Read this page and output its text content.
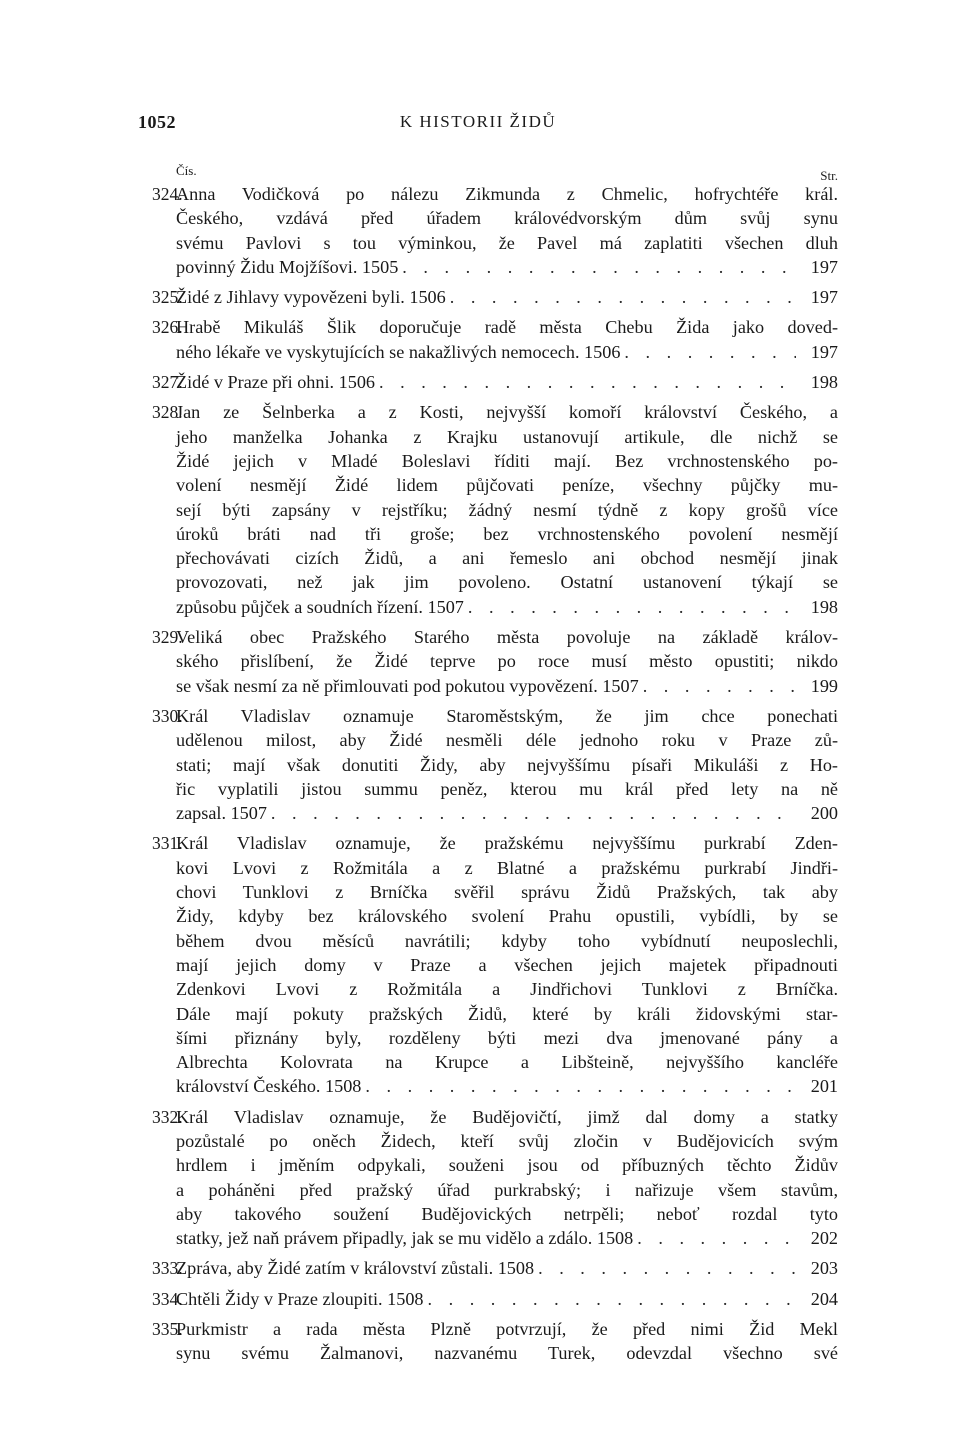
1052	K HISTORII ŽIDŮ
Čís.	Str.
324.
Anna Vodičková po nálezu Zikmunda z Chmelic, hofrychtéře král.
Českého, vzdává před úřadem královédvorským dům svůj synu
svému Pavlovi s tou výminkou, že Pavel má zaplatiti všechen dluh
povinný Židu Mojžíšovi. 1505 . . .	197
325.
Židé z Jihlavy vypovězeni byli. 1506 . . .	197
326.
Hrabě Mikuláš Šlik doporučuje radě města Chebu Žida jako doved-
ného lékaře ve vyskytujících se nakažlivých nemocech. 1506 . . .	197
327.
Židé v Praze při ohni. 1506 . . .	198
328.
Jan ze Šelnberka a z Kosti, nejvyšší komoří království Českého, a
jeho manželka Johanka z Krajku ustanovují artikule, dle nichž se
Židé jejich v Mladé Boleslavi říditi mají. Bez vrchnostenského po-
volení nesmějí Židé lidem půjčovati peníze, všechny půjčky mu-
sejí býti zapsány v rejstříku; žádný nesmí týdně z kopy grošů více
úroků bráti nad tři groše; bez vrchnostenského povolení nesmějí
přechovávati cizích Židů, a ani řemeslo ani obchod nesmějí jinak
provozovati, než jak jim povoleno. Ostatní ustanovení týkají se
způsobu půjček a soudních řízení. 1507 . . .	198
329.
Veliká obec Pražského Starého města povoluje na základě králov-
ského přislíbení, že Židé teprve po roce musí město opustiti; nikdo
se však nesmí za ně přimlouvati pod pokutou vypovězení. 1507 . . .	199
330.
Král Vladislav oznamuje Staroměstským, že jim chce ponechati
udělenou milost, aby Židé nesměli déle jednoho roku v Praze zů-
stati; mají však donutiti Židy, aby nejvyššímu písaři Mikuláši z Ho-
řic vyplatili jistou summu peněz, kterou mu král před lety na ně
zapsal. 1507 . . .	200
331.
Král Vladislav oznamuje, že pražskému nejvyššímu purkrabí Zden-
kovi Lvovi z Rožmitála a z Blatné a pražskému purkrabí Jindři-
chovi Tunklovi z Brníčka svěřil správu Židů Pražských, tak aby
Židy, kdyby bez královského svolení Prahu opustili, vybídli, by se
během dvou měsíců navrátili; kdyby toho vybídnutí neuposlechli,
mají jejich domy v Praze a všechen jejich majetek připadnouti
Zdenkovi Lvovi z Rožmitála a Jindřichovi Tunklovi z Brníčka.
Dále mají pokuty pražských Židů, které by králi židovskými star-
šími přiznány byly, rozděleny býti mezi dva jmenované pány a
Albrechta Kolovrata na Krupce a Libšteině, nejvyššího kancléře
království Českého. 1508 . . .	201
332.
Král Vladislav oznamuje, že Budějovičtí, jimž dal domy a statky
pozůstalé po oněch Židech, kteří svůj zločin v Budějovicích svým
hrdlem i jměním odpykali, souženi jsou od příbuzných těchto Židův
a poháněni před pražský úřad purkrabský; i nařizuje všem stavům,
aby takového soužení Budějovických netrpěli; neboť rozdal tyto
statky, jež naň právem připadly, jak se mu vidělo a zdálo. 1508 . . .	202
333.
Zpráva, aby Židé zatím v království zůstali. 1508 . . .	203
334.
Chtěli Židy v Praze zloupiti. 1508 . . .	204
335.
Purkmistr a rada města Plzně potvrzují, že před nimi Žid Mekl
synu svému Žalmanovi, nazvanému Turek, odevzdal všechno své
